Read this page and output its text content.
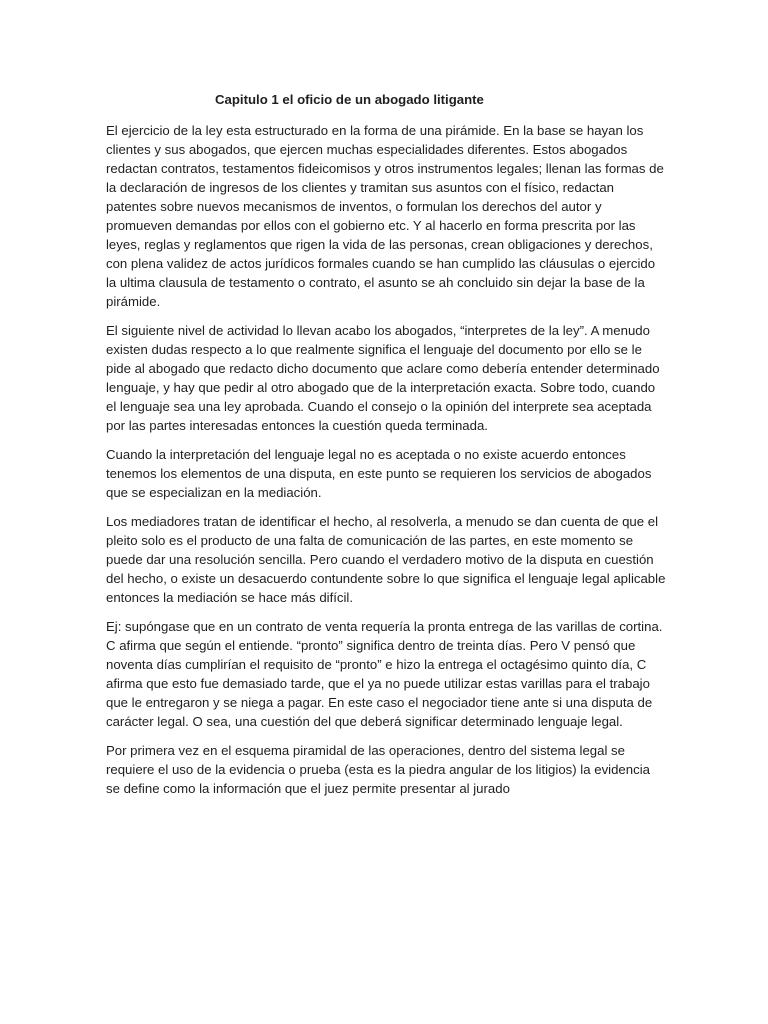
Capitulo 1 el oficio de un abogado litigante

El ejercicio de la ley esta estructurado en la forma de una pirámide. En la base se hayan los clientes y sus abogados, que ejercen muchas especialidades diferentes. Estos abogados redactan contratos, testamentos fideicomisos y otros instrumentos legales; llenan las formas de la declaración de ingresos de los clientes y tramitan sus asuntos con el físico, redactan patentes sobre nuevos mecanismos de inventos, o formulan los derechos del autor y promueven demandas por ellos con el gobierno etc. Y al hacerlo en forma prescrita por las leyes, reglas y reglamentos que rigen la vida de las personas, crean obligaciones y derechos, con plena validez de actos jurídicos formales cuando se han cumplido las cláusulas o ejercido la ultima clausula de testamento o contrato, el asunto se ah concluido sin dejar la base de la pirámide.

El siguiente nivel de actividad lo llevan acabo los abogados, “interpretes de la ley”. A menudo existen dudas respecto a lo que realmente significa el lenguaje del documento por ello se le pide al abogado que redacto dicho documento que aclare como debería entender determinado lenguaje, y hay que pedir al otro abogado que de la interpretación exacta. Sobre todo, cuando el lenguaje sea una ley aprobada. Cuando el consejo o la opinión del interprete sea aceptada por las partes interesadas entonces la cuestión queda terminada.

Cuando la interpretación del lenguaje legal no es aceptada o no existe acuerdo entonces tenemos los elementos de una disputa, en este punto se requieren los servicios de abogados que se especializan en la mediación.

Los mediadores tratan de identificar el hecho, al resolverla, a menudo se dan cuenta de que el pleito solo es el producto de una falta de comunicación de las partes, en este momento se puede dar una resolución sencilla. Pero cuando el verdadero motivo de la disputa en cuestión del hecho, o existe un desacuerdo contundente sobre lo que significa el lenguaje legal aplicable entonces la mediación se hace más difícil.

Ej: supóngase que en un contrato de venta requería la pronta entrega de las varillas de cortina. C afirma que según el entiende. “pronto” significa dentro de treinta días. Pero V pensó que noventa días cumplirían el requisito de “pronto” e hizo la entrega el octagésimo quinto día, C afirma que esto fue demasiado tarde, que el ya no puede utilizar estas varillas para el trabajo que le entregaron y se niega a pagar. En este caso el negociador tiene ante si una disputa de carácter legal. O sea, una cuestión del que deberá significar determinado lenguaje legal.

Por primera vez en el esquema piramidal de las operaciones, dentro del sistema legal se requiere el uso de la evidencia o prueba (esta es la piedra angular de los litigios) la evidencia se define como la información que el juez permite presentar al jurado
